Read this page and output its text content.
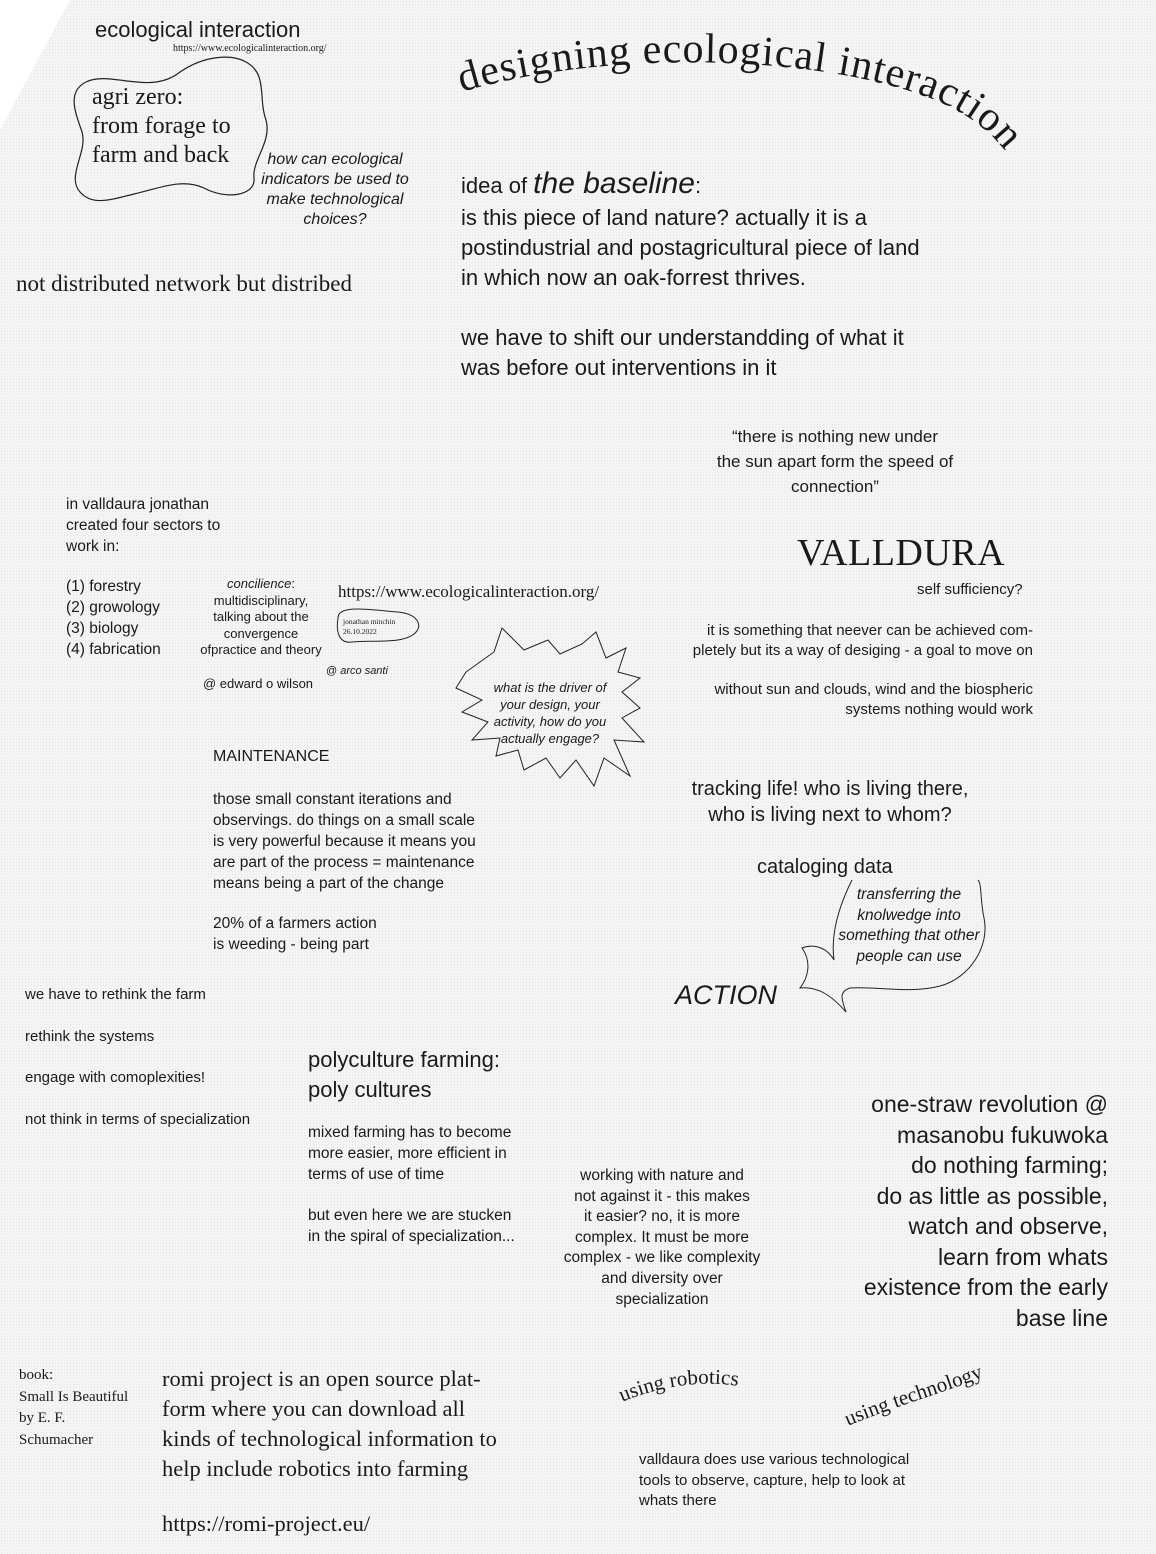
ecological interaction
https://www.ecologicalinteraction.org/
agri zero:
from forage to
farm and back	how can ecological
indicators be used to
make technological
choices?
not distributed network but distribed
designing ecological interaction
idea of the baseline:
is this piece of land nature? actually it is a
postindustrial and postagricultural piece of land
in which now an oak-forrest thrives.
we have to shift our understandding of what it
was before out interventions in it
“there is nothing new under
the sun apart form the speed of
connection”
in valldaura jonathan
created four sectors to
work in:
(1) forestry
(2) growology
(3) biology
(4) fabrication
concilience:
multidisciplinary,
talking about the
convergence
ofpractice and theory
https://www.ecologicalinteraction.org/
jonathan minchin
26.10.2022
@ arco santi
@ edward o wilson	what is the driver of
your design, your
activity, how do you
actually engage?
VALLDURA
self sufficiency?
it is something that neever can be achieved com-
pletely but its a way of desiging - a goal to move on
without sun and clouds, wind and the biospheric
systems nothing would work
MAINTENANCE
those small constant iterations and
observings. do things on a small scale
is very powerful because it means you
are part of the process = maintenance
means being a part of the change
20% of a farmers action
is weeding - being part
tracking life! who is living there,
who is living next to whom?
cataloging data
transferring the
knolwedge into
something that other
people can use
ACTION
we have to rethink the farm
rethink the systems
engage with comoplexities!
not think in terms of specialization
polyculture farming:
poly cultures
mixed farming has to become
more easier, more efficient in
terms of use of time
but even here we are stucken
in the spiral of specialization...
working with nature and
not against it - this makes
it easier? no, it is more
complex. It must be more
complex - we like complexity
and diversity over
specialization
one-straw revolution @
masanobu fukuwoka
do nothing farming;
do as little as possible,
watch and observe,
learn from whats
existence from the early
base line
book:
Small Is Beautiful
by E. F.
Schumacher
romi project is an open source plat-
form where you can download all
kinds of technological information to
help include robotics into farming
https://romi-project.eu/
using robotics
using technology
valldaura does use various technological
tools to observe, capture, help to look at
whats there
